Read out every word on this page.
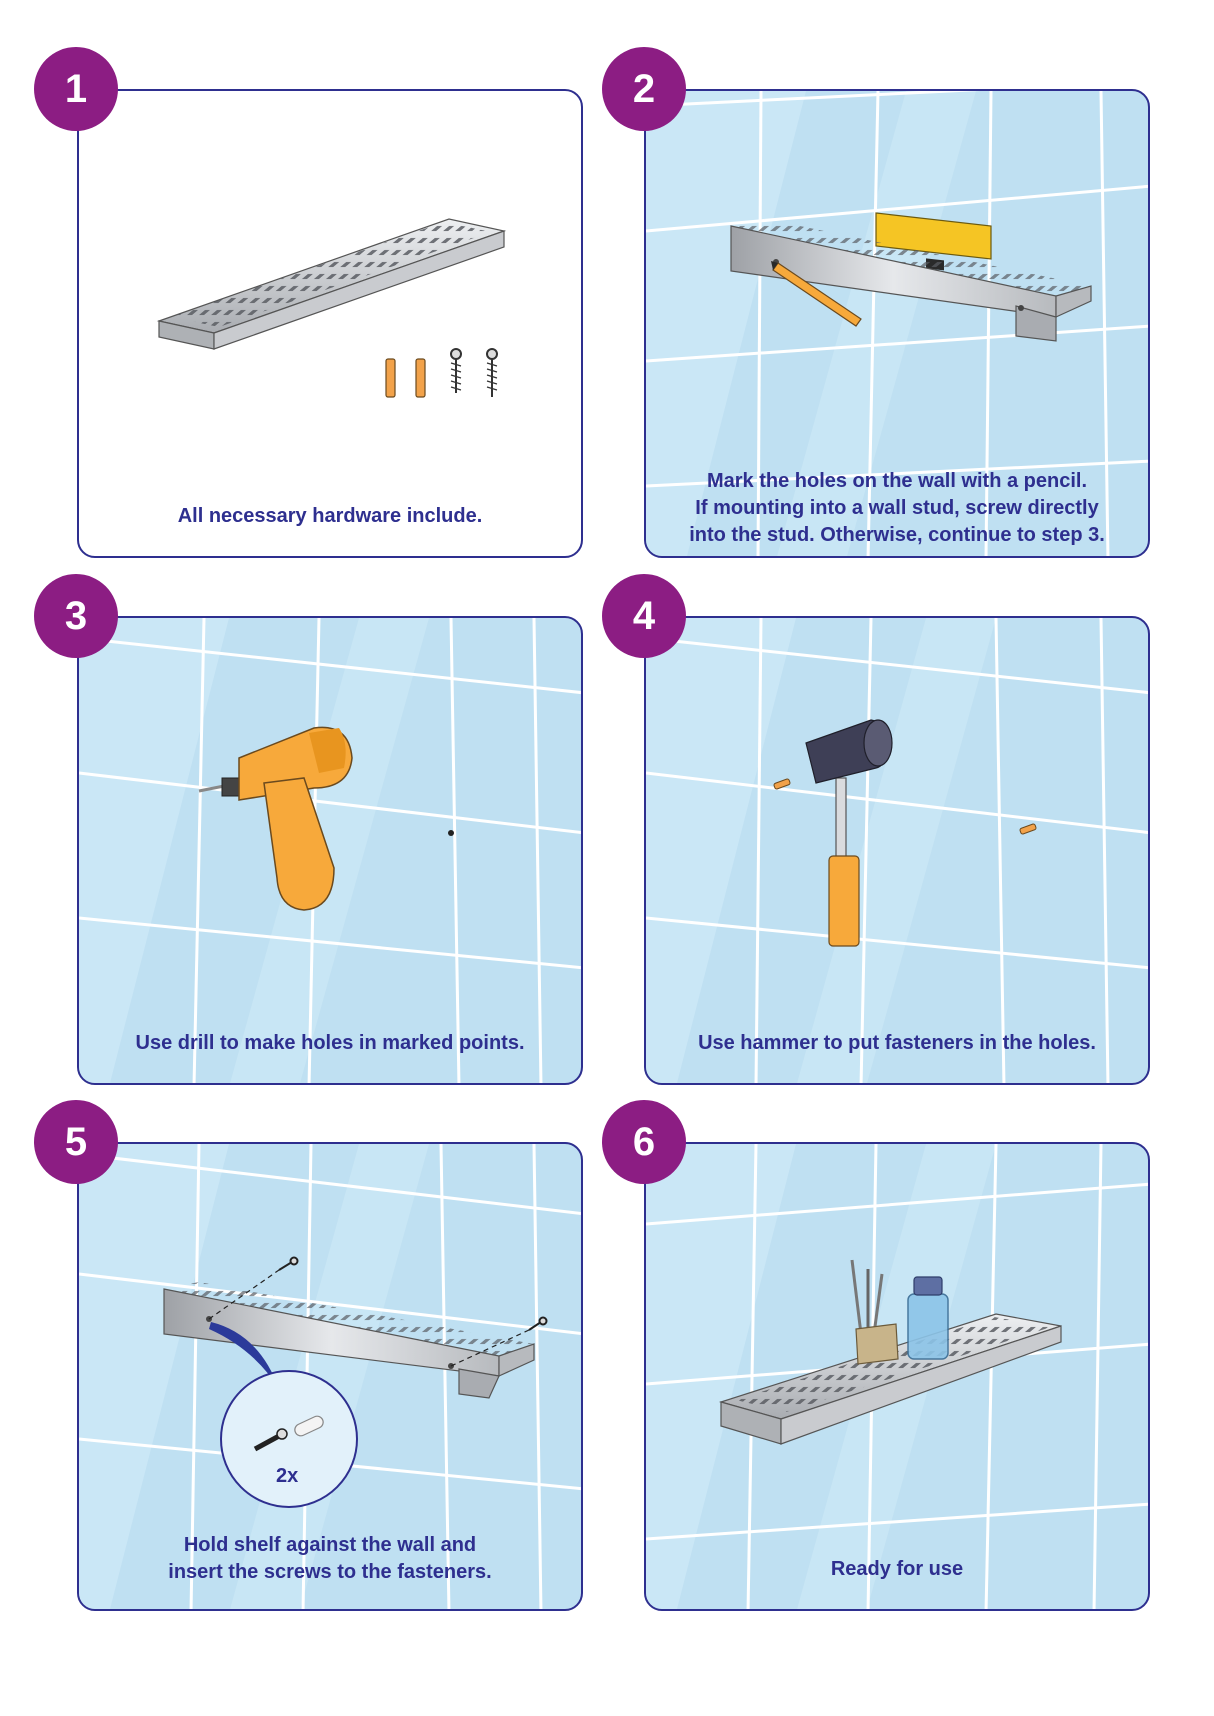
All necessary hardware include.
1
Mark the holes on the wall with a pencil.
If mounting into a wall stud, screw directly
into the stud. Otherwise, continue to step 3.
2
Use drill to make holes in marked points.
3
Use hammer to put fasteners in the holes.
4
2x
Hold shelf against the wall and
insert the screws to the fasteners.
5
Ready for use
6
